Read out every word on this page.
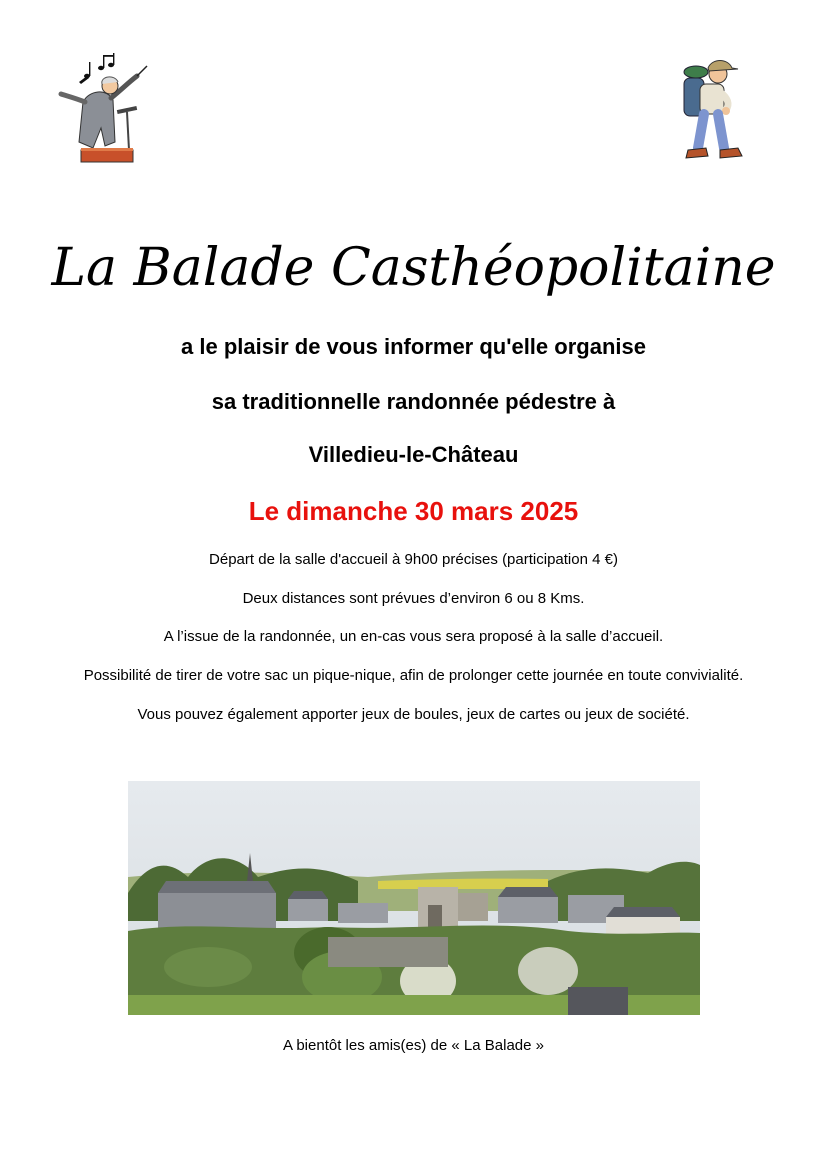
La Balade Casthéopolitaine
a le plaisir de vous informer qu'elle organise
sa traditionnelle randonnée pédestre à
Villedieu-le-Château
Le dimanche 30 mars 2025
Départ de la salle d'accueil à 9h00 précises (participation 4 €)
Deux distances sont prévues d’environ 6 ou 8 Kms.
A l’issue de la randonnée, un en-cas vous sera proposé à la salle d’accueil.
Possibilité de tirer de votre sac un pique-nique, afin de prolonger cette journée en toute convivialité.
Vous pouvez également apporter jeux de boules, jeux de cartes ou jeux de société.
A bientôt les amis(es) de « La Balade »
